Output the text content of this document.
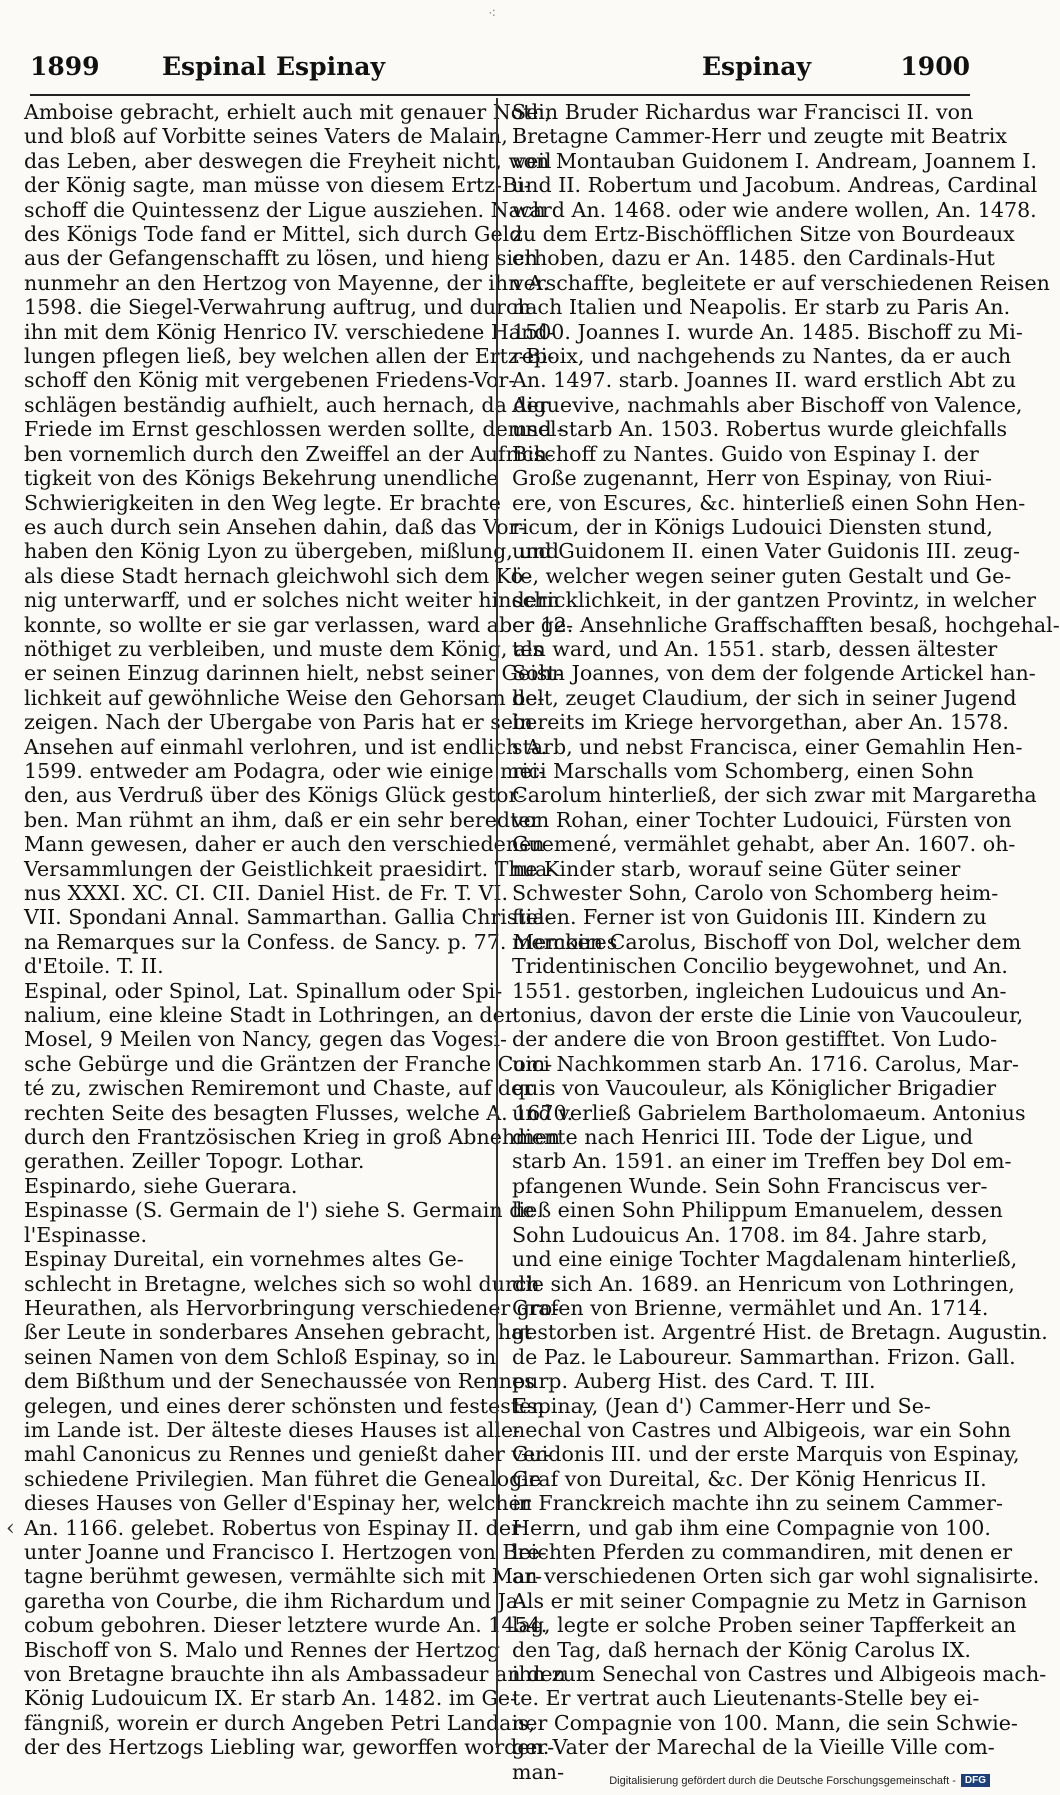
⁖
1899 Espinal Espinay	Espinay	1900
Amboise gebracht, erhielt auch mit genauer Noth,
und bloß auf Vorbitte seines Vaters de Malain,
das Leben, aber deswegen die Freyheit nicht, weil
der König sagte, man müsse von diesem Ertz-Bi-
schoff die Quintessenz der Ligue ausziehen. Nach
des Königs Tode fand er Mittel, sich durch Geld
aus der Gefangenschafft zu lösen, und hieng sich
nunmehr an den Hertzog von Mayenne, der ihn A.
1598. die Siegel-Verwahrung auftrug, und durch
ihn mit dem König Henrico IV. verschiedene Hand-
lungen pflegen ließ, bey welchen allen der Ertz-Bi-
schoff den König mit vergebenen Friedens-Vor-
schlägen beständig aufhielt, auch hernach, da der
Friede im Ernst geschlossen werden sollte, demsel-
ben vornemlich durch den Zweiffel an der Aufrich-
tigkeit von des Königs Bekehrung unendliche
Schwierigkeiten in den Weg legte. Er brachte
es auch durch sein Ansehen dahin, daß das Vor-
haben den König Lyon zu übergeben, mißlung, und
als diese Stadt hernach gleichwohl sich dem Kö-
nig unterwarff, und er solches nicht weiter hindern
konnte, so wollte er sie gar verlassen, ward aber ge-
nöthiget zu verbleiben, und muste dem König, als
er seinen Einzug darinnen hielt, nebst seiner Geist-
lichkeit auf gewöhnliche Weise den Gehorsam be-
zeigen. Nach der Ubergabe von Paris hat er sein
Ansehen auf einmahl verlohren, und ist endlich A.
1599. entweder am Podagra, oder wie einige mei-
den, aus Verdruß über des Königs Glück gestor-
ben. Man rühmt an ihm, daß er ein sehr beredter
Mann gewesen, daher er auch den verschiedenen
Versammlungen der Geistlichkeit praesidirt. Thua-
nus XXXI. XC. CI. CII. Daniel Hist. de Fr. T. VI.
VII. Spondani Annal. Sammarthan. Gallia Christia-
na Remarques sur la Confess. de Sancy. p. 77. Memoires
d'Etoile. T. II.
Espinal, oder Spinol, Lat. Spinallum oder Spi-
nalium, eine kleine Stadt in Lothringen, an der
Mosel, 9 Meilen von Nancy, gegen das Vogesi-
sche Gebürge und die Gräntzen der Franche Com-
té zu, zwischen Remiremont und Chaste, auf der
rechten Seite des besagten Flusses, welche A. 1670.
durch den Frantzösischen Krieg in groß Abnehmen
gerathen. Zeiller Topogr. Lothar.
Espinardo, siehe Guerara.
Espinasse (S. Germain de l') siehe S. Germain de
l'Espinasse.
Espinay Dureital, ein vornehmes altes Ge-
schlecht in Bretagne, welches sich so wohl durch
Heurathen, als Hervorbringung verschiedener gro-
ßer Leute in sonderbares Ansehen gebracht, hat
seinen Namen von dem Schloß Espinay, so in
dem Bißthum und der Senechaussée von Rennes
gelegen, und eines derer schönsten und festesten
im Lande ist. Der älteste dieses Hauses ist alle-
mahl Canonicus zu Rennes und genießt daher ver-
schiedene Privilegien. Man führet die Genealogie
dieses Hauses von Geller d'Espinay her, welcher
An. 1166. gelebet. Robertus von Espinay II. der
unter Joanne und Francisco I. Hertzogen von Bre-
tagne berühmt gewesen, vermählte sich mit Mar-
garetha von Courbe, die ihm Richardum und Ja-
cobum gebohren. Dieser letztere wurde An. 1454.
Bischoff von S. Malo und Rennes der Hertzog
von Bretagne brauchte ihn als Ambassadeur an den
König Ludouicum IX. Er starb An. 1482. im Ge-
fängniß, worein er durch Angeben Petri Landais,
der des Hertzogs Liebling war, geworffen worden.
Sein Bruder Richardus war Francisci II. von
Bretagne Cammer-Herr und zeugte mit Beatrix
von Montauban Guidonem I. Andream, Joannem I.
und II. Robertum und Jacobum. Andreas, Cardinal
ward An. 1468. oder wie andere wollen, An. 1478.
zu dem Ertz-Bischöfflichen Sitze von Bourdeaux
erhoben, dazu er An. 1485. den Cardinals-Hut
verschaffte, begleitete er auf verschiedenen Reisen
nach Italien und Neapolis. Er starb zu Paris An.
1500. Joannes I. wurde An. 1485. Bischoff zu Mi-
repoix, und nachgehends zu Nantes, da er auch
An. 1497. starb. Joannes II. ward erstlich Abt zu
Aiguevive, nachmahls aber Bischoff von Valence,
und starb An. 1503. Robertus wurde gleichfalls
Bischoff zu Nantes. Guido von Espinay I. der
Große zugenannt, Herr von Espinay, von Riui-
ere, von Escures, &c. hinterließ einen Sohn Hen-
ricum, der in Königs Ludouici Diensten stund,
und Guidonem II. einen Vater Guidonis III. zeug-
te, welcher wegen seiner guten Gestalt und Ge-
schicklichkeit, in der gantzen Provintz, in welcher
er 12. Ansehnliche Graffschafften besaß, hochgehal-
ten ward, und An. 1551. starb, dessen ältester
Sohn Joannes, von dem der folgende Artickel han-
delt, zeuget Claudium, der sich in seiner Jugend
bereits im Kriege hervorgethan, aber An. 1578.
starb, und nebst Francisca, einer Gemahlin Hen-
rici Marschalls vom Schomberg, einen Sohn
Carolum hinterließ, der sich zwar mit Margaretha
von Rohan, einer Tochter Ludouici, Fürsten von
Guemené, vermählet gehabt, aber An. 1607. oh-
ne Kinder starb, worauf seine Güter seiner
Schwester Sohn, Carolo von Schomberg heim-
fielen. Ferner ist von Guidonis III. Kindern zu
mercken Carolus, Bischoff von Dol, welcher dem
Tridentinischen Concilio beygewohnet, und An.
1551. gestorben, ingleichen Ludouicus und An-
tonius, davon der erste die Linie von Vaucouleur,
der andere die von Broon gestifftet. Von Ludo-
uici Nachkommen starb An. 1716. Carolus, Mar-
quis von Vaucouleur, als Königlicher Brigadier
und verließ Gabrielem Bartholomaeum. Antonius
diente nach Henrici III. Tode der Ligue, und
starb An. 1591. an einer im Treffen bey Dol em-
pfangenen Wunde. Sein Sohn Franciscus ver-
ließ einen Sohn Philippum Emanuelem, dessen
Sohn Ludouicus An. 1708. im 84. Jahre starb,
und eine einige Tochter Magdalenam hinterließ,
die sich An. 1689. an Henricum von Lothringen,
Grafen von Brienne, vermählet und An. 1714.
gestorben ist. Argentré Hist. de Bretagn. Augustin.
de Paz. le Laboureur. Sammarthan. Frizon. Gall.
purp. Auberg Hist. des Card. T. III.
Espinay, (Jean d') Cammer-Herr und Se-
nechal von Castres und Albigeois, war ein Sohn
Guidonis III. und der erste Marquis von Espinay,
Graf von Dureital, &c. Der König Henricus II.
in Franckreich machte ihn zu seinem Cammer-
Herrn, und gab ihm eine Compagnie von 100.
leichten Pferden zu commandiren, mit denen er
an verschiedenen Orten sich gar wohl signalisirte.
Als er mit seiner Compagnie zu Metz in Garnison
lag, legte er solche Proben seiner Tapfferkeit an
den Tag, daß hernach der König Carolus IX.
ihn zum Senechal von Castres und Albigeois mach-
te. Er vertrat auch Lieutenants-Stelle bey ei-
ner Compagnie von 100. Mann, die sein Schwie-
ger-Vater der Marechal de la Vieille Ville com-
man-
‹
Digitalisierung gefördert durch die Deutsche Forschungsgemeinschaft - DFG
